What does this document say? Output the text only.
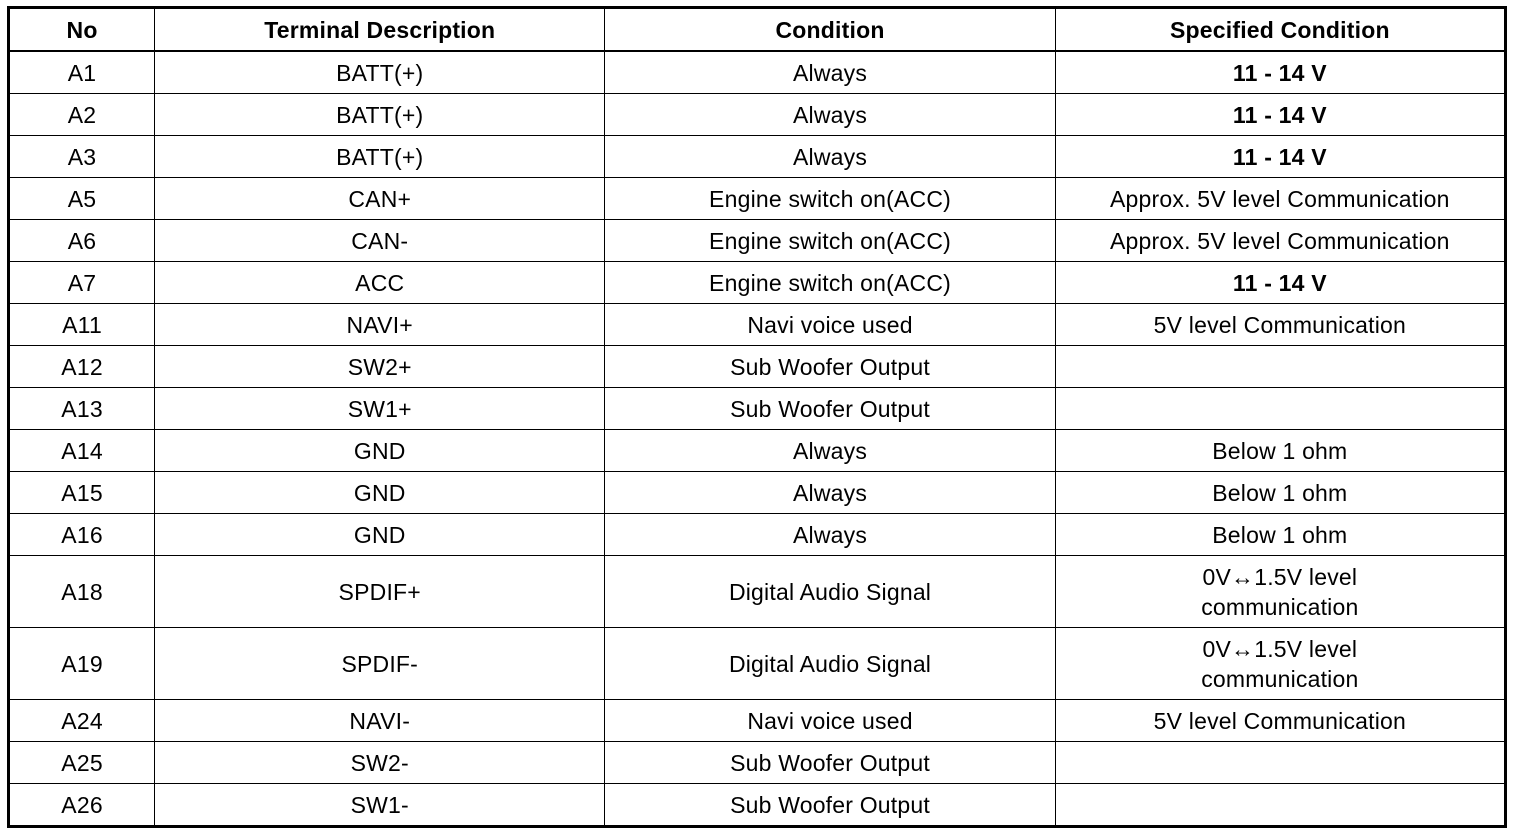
No	Terminal Description	Condition	Specified Condition
A1	BATT(+)	Always	11 - 14 V
A2	BATT(+)	Always	11 - 14 V
A3	BATT(+)	Always	11 - 14 V
A5	CAN+	Engine switch on(ACC)	Approx. 5V level Communication
A6	CAN-	Engine switch on(ACC)	Approx. 5V level Communication
A7	ACC	Engine switch on(ACC)	11 - 14 V
A11	NAVI+	Navi voice used	5V level Communication
A12	SW2+	Sub Woofer Output	
A13	SW1+	Sub Woofer Output	
A14	GND	Always	Below 1 ohm
A15	GND	Always	Below 1 ohm
A16	GND	Always	Below 1 ohm
A18	SPDIF+	Digital Audio Signal	0V↔1.5V level
communication
A19	SPDIF-	Digital Audio Signal	0V↔1.5V level
communication
A24	NAVI-	Navi voice used	5V level Communication
A25	SW2-	Sub Woofer Output	
A26	SW1-	Sub Woofer Output	
